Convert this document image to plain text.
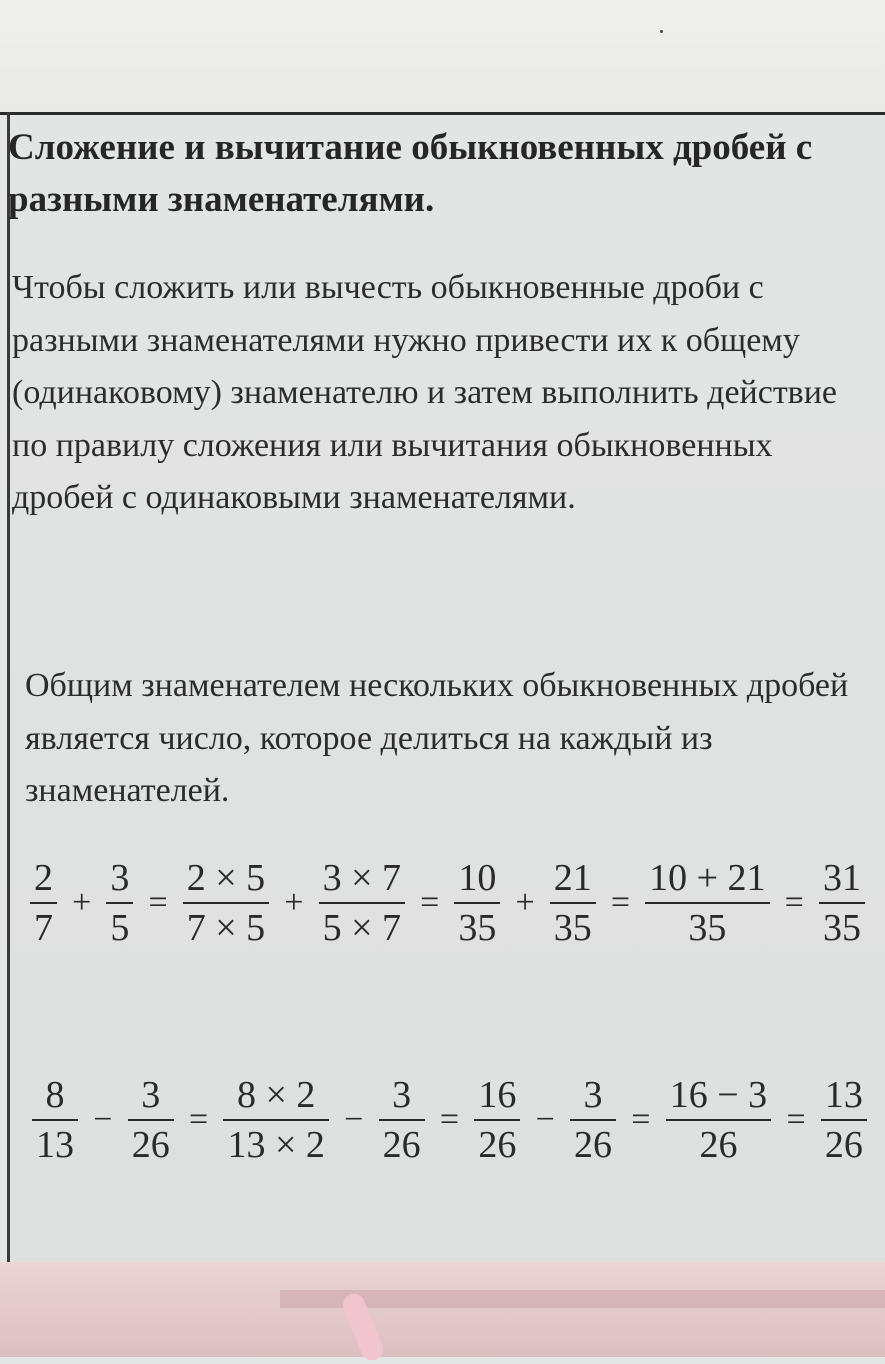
Сложение и вычитание обыкновенных дробей с разными знаменателями.
Чтобы сложить или вычесть обыкновенные дроби с разными знаменателями нужно привести их к общему (одинаковому) знаменателю и затем выполнить действие по правилу сложения или вычитания обыкновенных дробей с одинаковыми знаменателями.
Общим знаменателем нескольких обыкновенных дробей является число, которое делиться на каждый из знаменателей.
$\frac{2}{7} + \frac{3}{5} = \frac{2 \times 5}{7 \times 5} + \frac{3 \times 7}{5 \times 7} = \frac{10}{35} + \frac{21}{35} = \frac{10 + 21}{35} = \frac{31}{35}$
$\frac{8}{13} - \frac{3}{26} = \frac{8 \times 2}{13 \times 2} - \frac{3}{26} = \frac{16}{26} - \frac{3}{26} = \frac{16 - 3}{26} = \frac{13}{26}$
